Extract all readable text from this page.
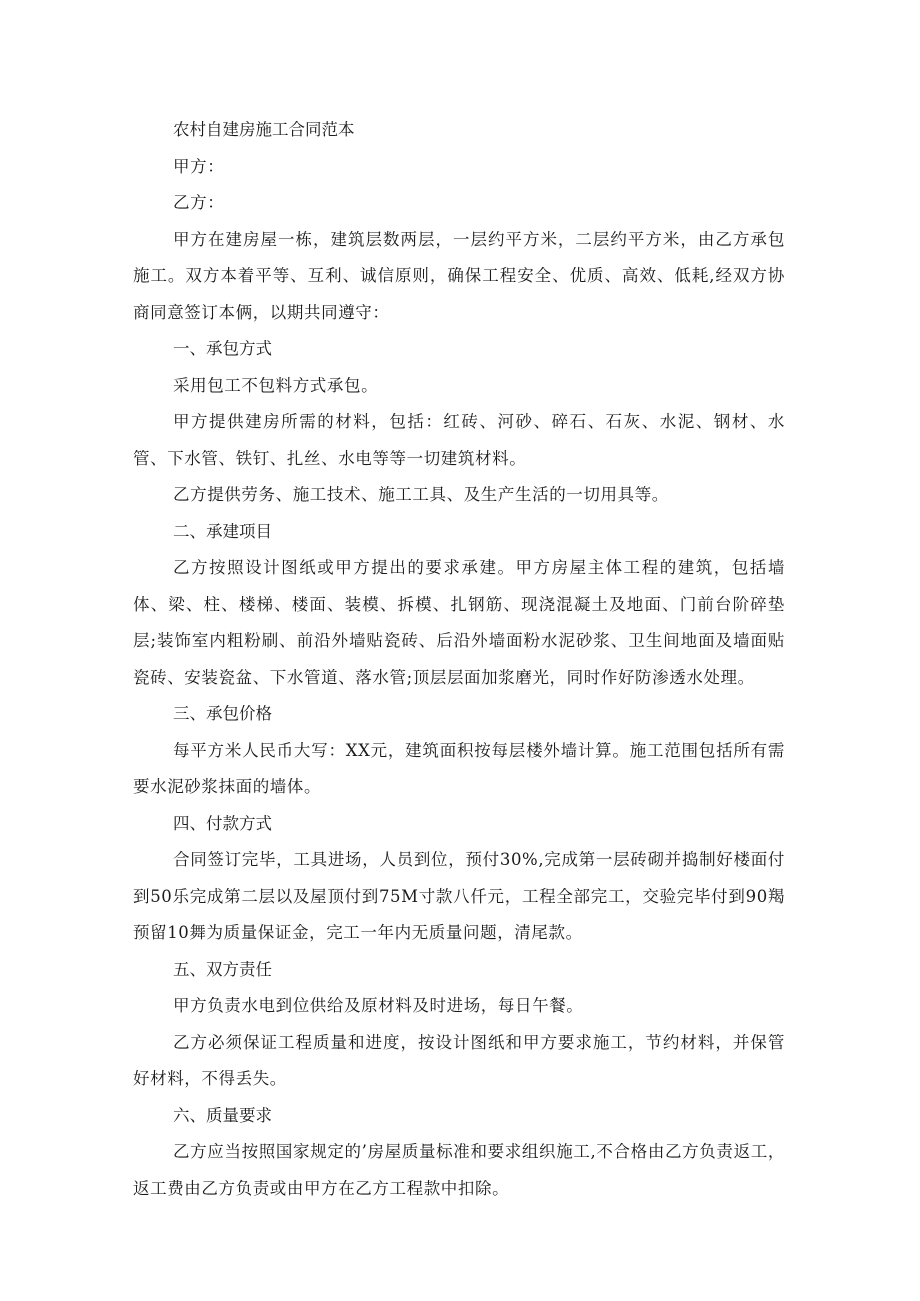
农村自建房施工合同范本

甲方：

乙方：

甲方在建房屋一栋，建筑层数两层，一层约平方米，二层约平方米，由乙方承包施工。双方本着平等、互利、诚信原则，确保工程安全、优质、高效、低耗,经双方协商同意签订本俩，以期共同遵守：

一、承包方式

采用包工不包料方式承包。

甲方提供建房所需的材料，包括：红砖、河砂、碎石、石灰、水泥、钢材、水管、下水管、铁钉、扎丝、水电等等一切建筑材料。

乙方提供劳务、施工技术、施工工具、及生产生活的一切用具等。

二、承建项目

乙方按照设计图纸或甲方提出的要求承建。甲方房屋主体工程的建筑，包括墙体、梁、柱、楼梯、楼面、装模、拆模、扎钢筋、现浇混凝土及地面、门前台阶碎垫层;装饰室内粗粉刷、前沿外墙贴瓷砖、后沿外墙面粉水泥砂浆、卫生间地面及墙面贴瓷砖、安装瓷盆、下水管道、落水管;顶层层面加浆磨光，同时作好防渗透水处理。

三、承包价格

每平方米人民币大写：XX元，建筑面积按每层楼外墙计算。施工范围包括所有需要水泥砂浆抹面的墙体。

四、付款方式

合同签订完毕，工具进场，人员到位，预付30%,完成第一层砖砌并捣制好楼面付到50乐完成第二层以及屋顶付到75M寸款八仟元，工程全部完工，交验完毕付到90羯预留10舞为质量保证金，完工一年内无质量问题，清尾款。

五、双方责任

甲方负责水电到位供给及原材料及时进场，每日午餐。

乙方必须保证工程质量和进度，按设计图纸和甲方要求施工，节约材料，并保管好材料，不得丢失。

六、质量要求

乙方应当按照国家规定的’房屋质量标准和要求组织施工,不合格由乙方负责返工，返工费由乙方负责或由甲方在乙方工程款中扣除。
